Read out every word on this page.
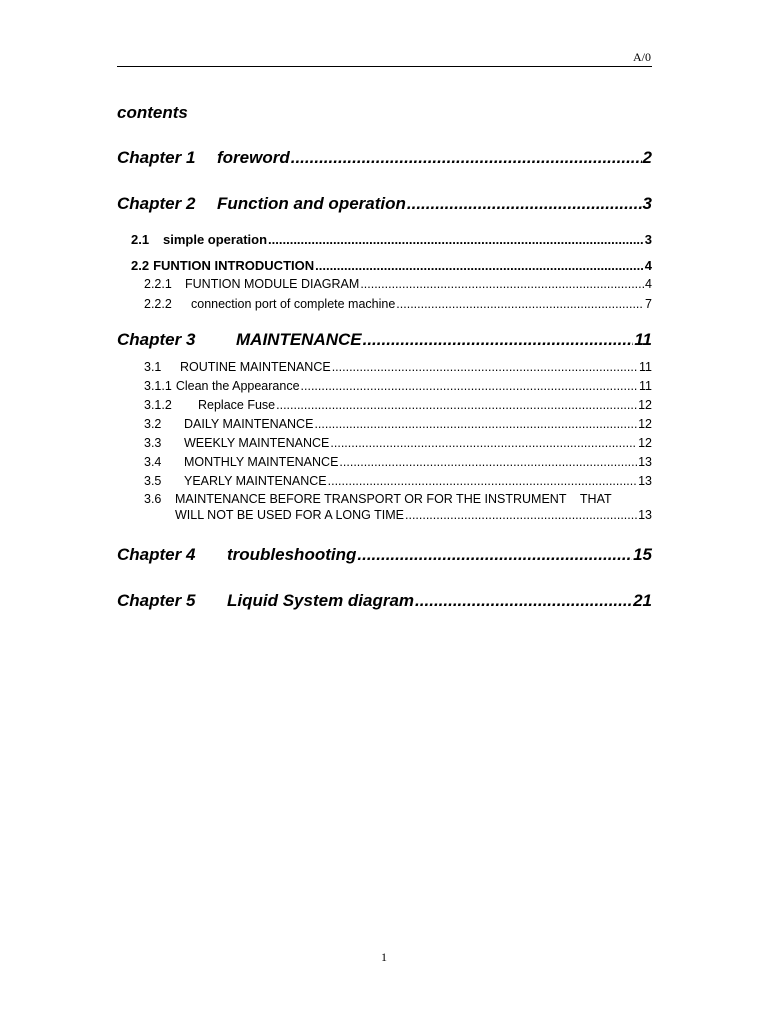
A/0
contents
Chapter 1	foreword .....	2
Chapter 2	Function and operation .....	3
2.1	simple operation .....	3
2.2 FUNTION INTRODUCTION .....	4
2.2.1	FUNTION MODULE DIAGRAM .....	4
2.2.2	connection port of complete machine .....	7
Chapter 3	MAINTENANCE .....	11
3.1	ROUTINE MAINTENANCE .....	11
3.1.1 Clean the Appearance .....	11
3.1.2	Replace Fuse .....	12
3.2	DAILY MAINTENANCE .....	12
3.3	WEEKLY MAINTENANCE .....	12
3.4	MONTHLY MAINTENANCE .....	13
3.5	YEARLY MAINTENANCE .....	13
3.6	MAINTENANCE BEFORE TRANSPORT OR FOR THE INSTRUMENT    THAT
WILL NOT BE USED FOR A LONG TIME .....	13
Chapter 4	troubleshooting .....	15
Chapter 5	Liquid System diagram .....	21
1
